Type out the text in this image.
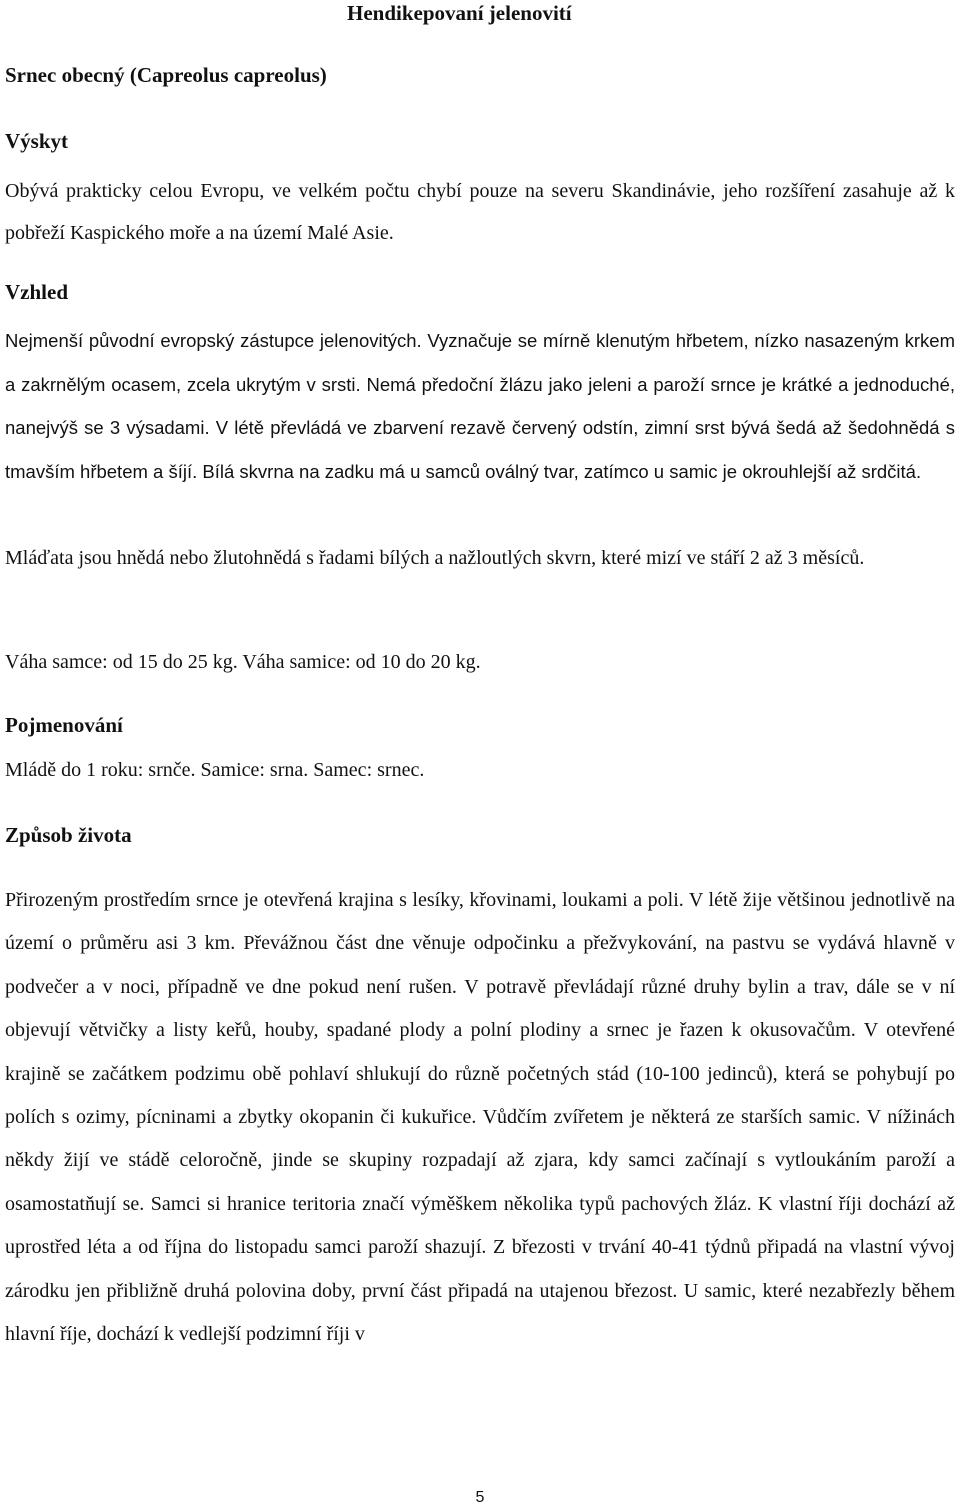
Hendikepovaní jelenovití
Srnec obecný (Capreolus capreolus)
Výskyt
Obývá prakticky celou Evropu, ve velkém počtu chybí pouze na severu Skandinávie, jeho rozšíření zasahuje až k pobřeží Kaspického moře a na území Malé Asie.
Vzhled
Nejmenší původní evropský zástupce jelenovitých. Vyznačuje se mírně klenutým hřbetem, nízko nasazeným krkem a zakrnělým ocasem, zcela ukrytým v srsti. Nemá předoční žlázu jako jeleni a paroží srnce je krátké a jednoduché, nanejvýš se 3 výsadami. V létě převládá ve zbarvení rezavě červený odstín, zimní srst bývá šedá až šedohnědá s tmavším hřbetem a šíjí. Bílá skvrna na zadku má u samců oválný tvar, zatímco u samic je okrouhlejší až srdčitá.
Mláďata jsou hnědá nebo žlutohnědá s řadami bílých a nažloutlých skvrn, které mizí ve stáří 2 až 3 měsíců.
Váha samce: od 15 do 25 kg. Váha samice: od 10 do 20 kg.
Pojmenování
Mládě do 1 roku: srnče. Samice: srna. Samec: srnec.
Způsob života
Přirozeným prostředím srnce je otevřená krajina s lesíky, křovinami, loukami a poli. V létě žije většinou jednotlivě na území o průměru asi 3 km. Převážnou část dne věnuje odpočinku a přežvykování, na pastvu se vydává hlavně v podvečer a v noci, případně ve dne pokud není rušen. V potravě převládají různé druhy bylin a trav, dále se v ní objevují větvičky a listy keřů, houby, spadané plody a polní plodiny a srnec je řazen k okusovačům. V otevřené krajině se začátkem podzimu obě pohlaví shlukují do různě početných stád (10-100 jedinců), která se pohybují po polích s ozimy, pícninami a zbytky okopanin či kukuřice. Vůdčím zvířetem je některá ze starších samic. V nížinách někdy žijí ve stádě celoročně, jinde se skupiny rozpadají až zjara, kdy samci začínají s vytloukáním paroží a osamostatňují se. Samci si hranice teritoria značí výměškem několika typů pachových žláz. K vlastní říji dochází až uprostřed léta a od října do listopadu samci paroží shazují. Z březosti v trvání 40-41 týdnů připadá na vlastní vývoj zárodku jen přibližně druhá polovina doby, první část připadá na utajenou březost. U samic, které nezabřezly během hlavní říje, dochází k vedlejší podzimní říji v
5
